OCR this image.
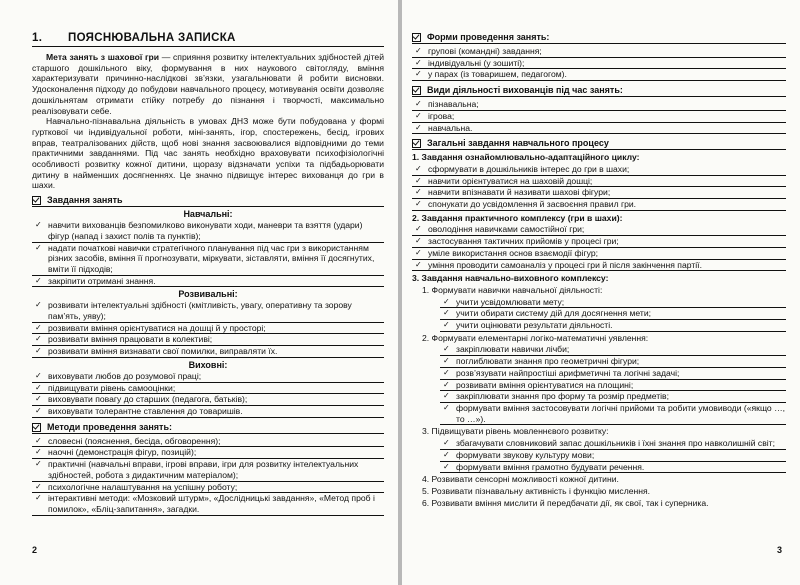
1.	ПОЯСНЮВАЛЬНА ЗАПИСКА

Мета занять з шахової гри — сприяння розвитку інтелектуальних здібностей дітей старшого дошкільного віку, формування в них наукового світогляду, вміння характеризувати причинно-наслідкові зв’язки, узагальнювати й робити висновки. Удосконалення підходу до побудови навчального процесу, мотивуванія освіти дозволяє дошкільнятам отримати стійку потребу до пізнання і творчості, максимально реалізовувати себе.

Навчально-пізнавальна діяльність в умовах ДНЗ може бути побудована у формі гурткової чи індивідуальної роботи, міні-занять, ігор, спостережень, бесід, ігрових вправ, театралізованих дійств, щоб нові знання засвоювалися відповідними до теми практичними завданнями. Під час занять необхідно враховувати психофізіологічні особливості розвитку кожної дитини, щоразу відзначати успіхи та підбадьорювати дитину в найменших досягненнях. Це значно підвищує інтерес вихованця до гри в шахи.

Завдання занять
Навчальні:
✓ навчити вихованців безпомилково виконувати ходи, маневри та взяття (удари) фігур (напад і захист полів та пунктів);
✓ надати початкові навички стратегічного планування під час гри з використанням різних засобів, вміння її прогнозувати, міркувати, зіставляти, вміння її досягнутих, вміти її підходів;
✓ закріпити отримані знання.
Розвивальні:
✓ розвивати інтелектуальні здібності (кмітливість, увагу, оперативну та зорову пам’ять, уяву);
✓ розвивати вміння орієнтуватися на дошці й у просторі;
✓ розвивати вміння працювати в колективі;
✓ розвивати вміння визнавати свої помилки, виправляти їх.
Виховні:
✓ виховувати любов до розумової праці;
✓ підвищувати рівень самооцінки;
✓ виховувати повагу до старших (педагога, батьків);
✓ виховувати толерантне ставлення до товаришів.
Методи проведення занять:
✓ словесні (пояснення, бесіда, обговорення);
✓ наочні (демонстрація фігур, позицій);
✓ практичні (навчальні вправи, ігрові вправи, ігри для розвитку інтелектуальних здібностей, робота з дидактичним матеріалом);
✓ психологічне налаштування на успішну роботу;
✓ інтерактивні методи: «Мозковий штурм», «Дослідницькі завдання», «Метод проб і помилок», «Бліц-запитання», загадки.
2
Форми проведення занять:
✓ групові (командні) завдання;
✓ індивідуальні (у зошиті);
✓ у парах (із товаришем, педагогом).
Види діяльності вихованців під час занять:
✓ пізнавальна;
✓ ігрова;
✓ навчальна.
Загальні завдання навчального процесу
1. Завдання ознайомлювально-адаптаційного циклу:
✓ сформувати в дошкільників інтерес до гри в шахи;
✓ навчити орієнтуватися на шаховій дошці;
✓ навчити впізнавати й називати шахові фігури;
✓ спонукати до усвідомлення й засвоєння правил гри.
2. Завдання практичного комплексу (гри в шахи):
✓ оволодіння навичками самостійної гри;
✓ застосування тактичних прийомів у процесі гри;
✓ уміле використання основ взаємодії фігур;
✓ уміння проводити самоаналіз у процесі гри й після закінчення партії.
3. Завдання навчально-виховного комплексу:
1. Формувати навички навчальної діяльності:
✓ учити усвідомлювати мету;
✓ учити обирати систему дій для досягнення мети;
✓ учити оцінювати результати діяльності.
2. Формувати елементарні логіко-математичні уявлення:
✓ закріплювати навички лічби;
✓ поглиблювати знання про геометричні фігури;
✓ розв’язувати найпростіші арифметичні та логічні задачі;
✓ розвивати вміння орієнтуватися на площині;
✓ закріплювати знання про форму та розмір предметів;
✓ формувати вміння застосовувати логічні прийоми та робити умовиводи («якщо …, то …»).
3. Підвищувати рівень мовленнєвого розвитку:
✓ збагачувати словниковий запас дошкільників і їхні знання про навколишній світ;
✓ формувати звукову культуру мови;
✓ формувати вміння грамотно будувати речення.
4. Розвивати сенсорні можливості кожної дитини.
5. Розвивати пізнавальну активність і функцію мислення.
6. Розвивати вміння мислити й передбачати дії, як свої, так і суперника.
3
